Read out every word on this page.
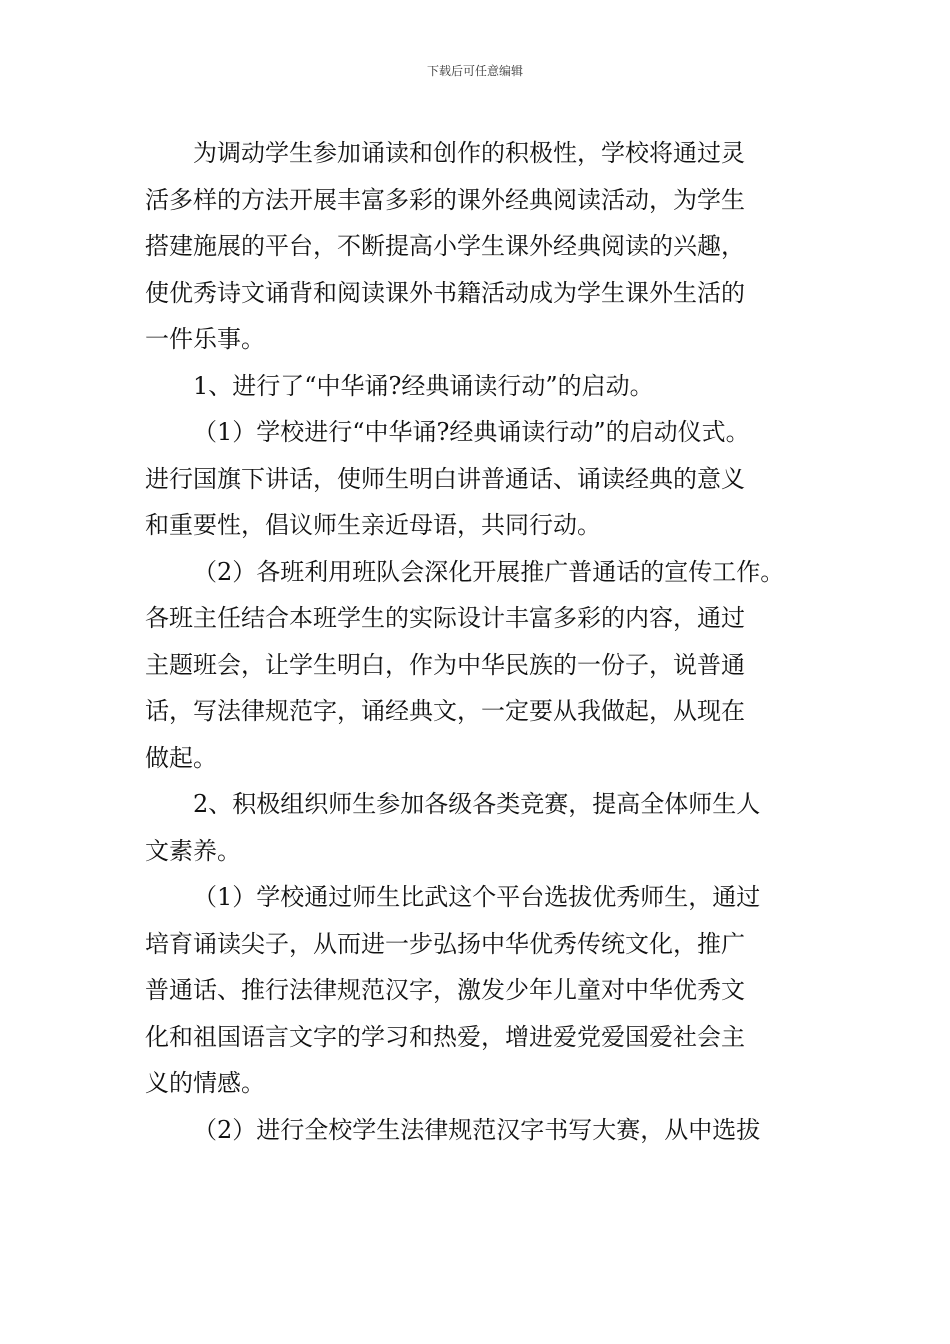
下载后可任意编辑
为调动学生参加诵读和创作的积极性，学校将通过灵
活多样的方法开展丰富多彩的课外经典阅读活动，为学生
搭建施展的平台，不断提高小学生课外经典阅读的兴趣，
使优秀诗文诵背和阅读课外书籍活动成为学生课外生活的
一件乐事。
1、进行了“中华诵?经典诵读行动”的启动。
（1）学校进行“中华诵?经典诵读行动”的启动仪式。
进行国旗下讲话，使师生明白讲普通话、诵读经典的意义
和重要性，倡议师生亲近母语，共同行动。
（2）各班利用班队会深化开展推广普通话的宣传工作。
各班主任结合本班学生的实际设计丰富多彩的内容，通过
主题班会，让学生明白，作为中华民族的一份子，说普通
话，写法律规范字，诵经典文，一定要从我做起，从现在
做起。
2、积极组织师生参加各级各类竞赛，提高全体师生人
文素养。
（1）学校通过师生比武这个平台选拔优秀师生，通过
培育诵读尖子，从而进一步弘扬中华优秀传统文化，推广
普通话、推行法律规范汉字，激发少年儿童对中华优秀文
化和祖国语言文字的学习和热爱，增进爱党爱国爱社会主
义的情感。
（2）进行全校学生法律规范汉字书写大赛，从中选拔
